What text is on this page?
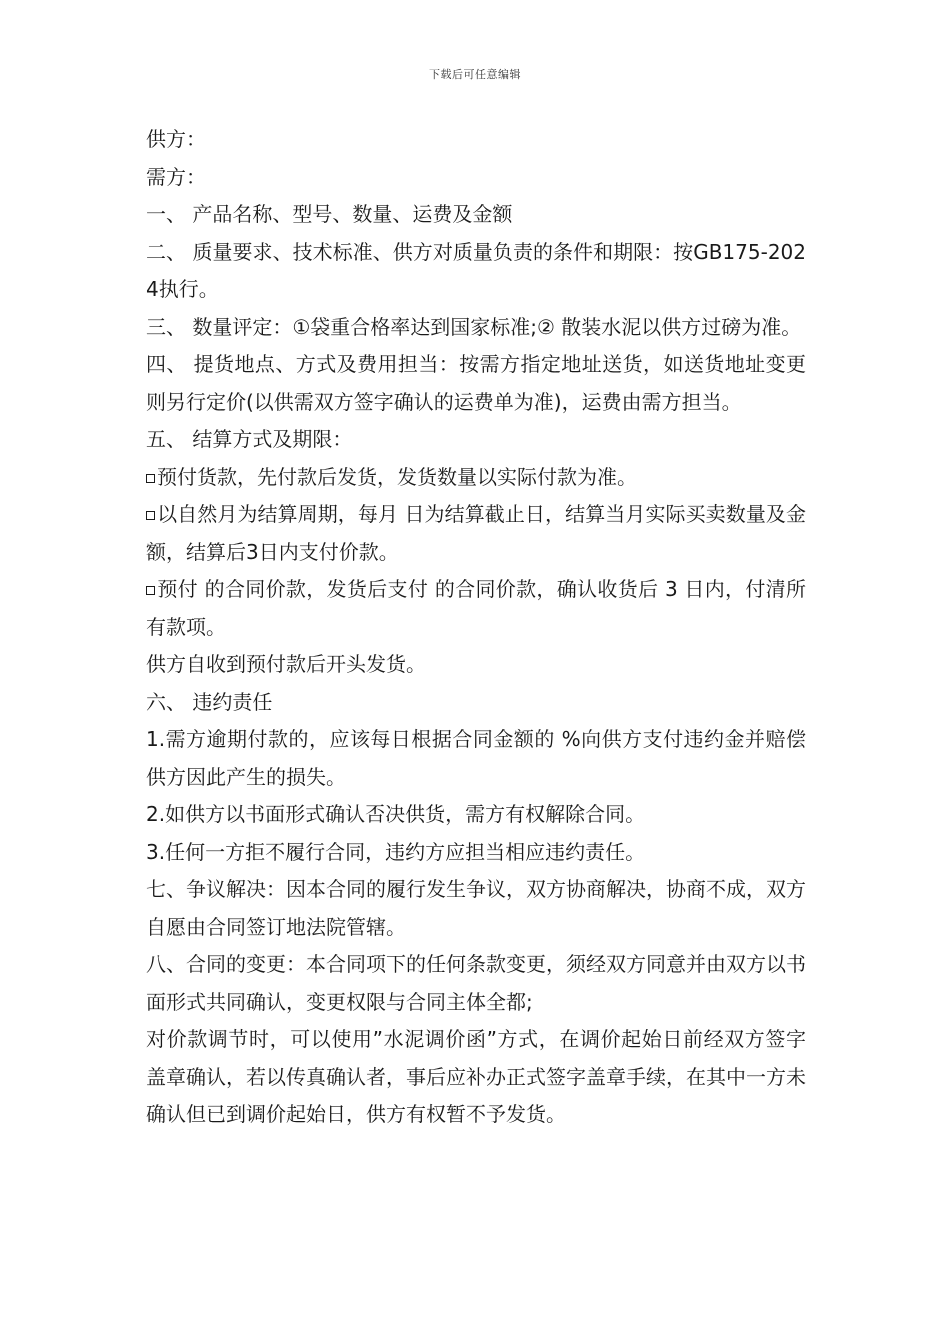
下载后可任意编辑

供方：

需方：

一、 产品名称、型号、数量、运费及金额

二、 质量要求、技术标准、供方对质量负责的条件和期限：按GB175-2024执行。

三、 数量评定：①袋重合格率达到国家标准;② 散装水泥以供方过磅为准。

四、 提货地点、方式及费用担当：按需方指定地址送货，如送货地址变更则另行定价(以供需双方签字确认的运费单为准)，运费由需方担当。

五、 结算方式及期限：

预付货款，先付款后发货，发货数量以实际付款为准。

以自然月为结算周期，每月 日为结算截止日，结算当月实际买卖数量及金额，结算后3日内支付价款。

预付 的合同价款，发货后支付 的合同价款，确认收货后 3 日内，付清所有款项。

供方自收到预付款后开头发货。

六、 违约责任

1.需方逾期付款的，应该每日根据合同金额的 %向供方支付违约金并赔偿供方因此产生的损失。

2.如供方以书面形式确认否决供货，需方有权解除合同。

3.任何一方拒不履行合同，违约方应担当相应违约责任。

七、争议解决：因本合同的履行发生争议，双方协商解决，协商不成，双方自愿由合同签订地法院管辖。

八、合同的变更：本合同项下的任何条款变更，须经双方同意并由双方以书面形式共同确认，变更权限与合同主体全都;

对价款调节时，可以使用”水泥调价函”方式，在调价起始日前经双方签字盖章确认，若以传真确认者，事后应补办正式签字盖章手续，在其中一方未确认但已到调价起始日，供方有权暂不予发货。
